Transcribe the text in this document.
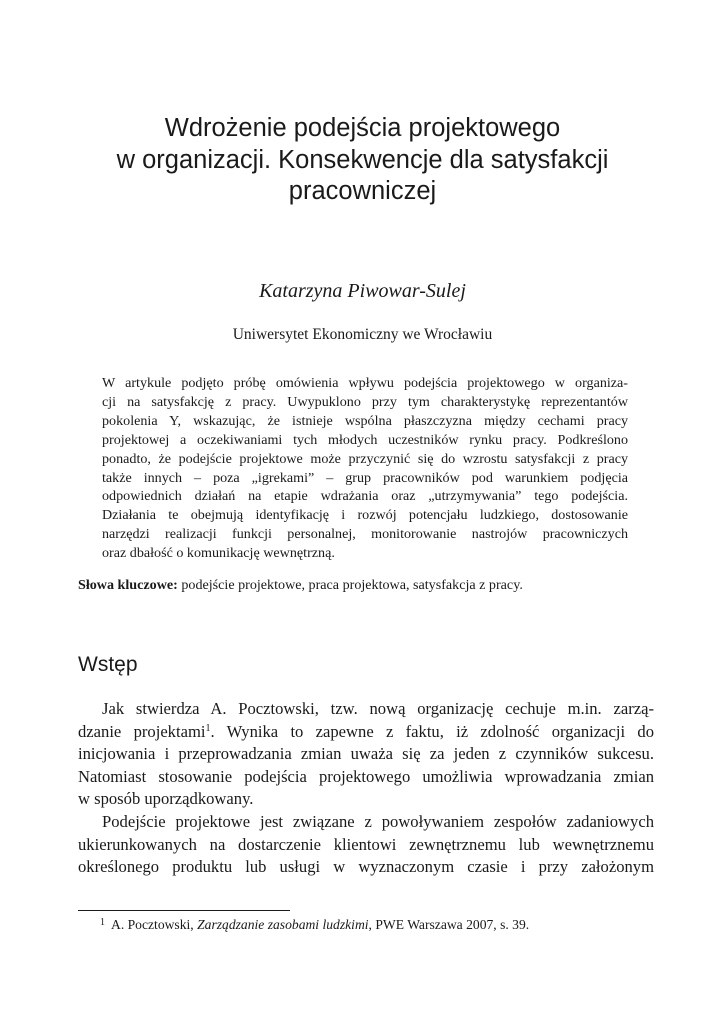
Wdrożenie podejścia projektowego
w organizacji. Konsekwencje dla satysfakcji
pracowniczej
Katarzyna Piwowar-Sulej
Uniwersytet Ekonomiczny we Wrocławiu
W artykule podjęto próbę omówienia wpływu podejścia projektowego w organiza-
cji na satysfakcję z pracy. Uwypuklono przy tym charakterystykę reprezentantów
pokolenia Y, wskazując, że istnieje wspólna płaszczyzna między cechami pracy
projektowej a oczekiwaniami tych młodych uczestników rynku pracy. Podkreślono
ponadto, że podejście projektowe może przyczynić się do wzrostu satysfakcji z pracy
także innych – poza „igrekami” – grup pracowników pod warunkiem podjęcia
odpowiednich działań na etapie wdrażania oraz „utrzymywania” tego podejścia.
Działania te obejmują identyfikację i rozwój potencjału ludzkiego, dostosowanie
narzędzi realizacji funkcji personalnej, monitorowanie nastrojów pracowniczych
oraz dbałość o komunikację wewnętrzną.
Słowa kluczowe: podejście projektowe, praca projektowa, satysfakcja z pracy.
Wstęp
Jak stwierdza A. Pocztowski, tzw. nową organizację cechuje m.in. zarzą-
dzanie projektami$^1$. Wynika to zapewne z faktu, iż zdolność organizacji do
inicjowania i przeprowadzania zmian uważa się za jeden z czynników sukcesu.
Natomiast stosowanie podejścia projektowego umożliwia wprowadzania zmian
w sposób uporządkowany.
Podejście projektowe jest związane z powoływaniem zespołów zadaniowych
ukierunkowanych na dostarczenie klientowi zewnętrznemu lub wewnętrznemu
określonego produktu lub usługi w wyznaczonym czasie i przy założonym
$^1$ A. Pocztowski, Zarządzanie zasobami ludzkimi, PWE Warszawa 2007, s. 39.
